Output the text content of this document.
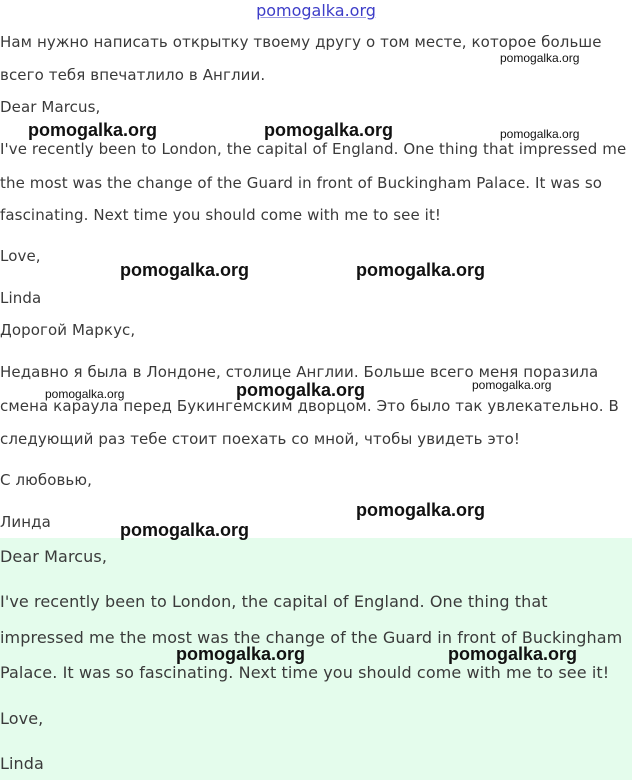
pomogalka.org

Нам нужно написать открытку твоему другу о том месте, которое больше

всего тебя впечатлило в Англии.

Dear Marcus,

I've recently been to London, the capital of England. One thing that impressed me

the most was the change of the Guard in front of Buckingham Palace. It was so

fascinating. Next time you should come with me to see it!

Love,

Linda

Дорогой Маркус,

Недавно я была в Лондоне, столице Англии. Больше всего меня поразила

смена караула перед Букингемским дворцом. Это было так увлекательно. В

следующий раз тебе стоит поехать со мной, чтобы увидеть это!

С любовью,

Линда

Dear Marcus,

I've recently been to London, the capital of England. One thing that

impressed me the most was the change of the Guard in front of Buckingham

Palace. It was so fascinating. Next time you should come with me to see it!

Love,

Linda

pomogalka.org
pomogalka.org	pomogalka.org	pomogalka.org
pomogalka.org	pomogalka.org
pomogalka.org	pomogalka.org	pomogalka.org
pomogalka.org
pomogalka.org
pomogalka.org	pomogalka.org
